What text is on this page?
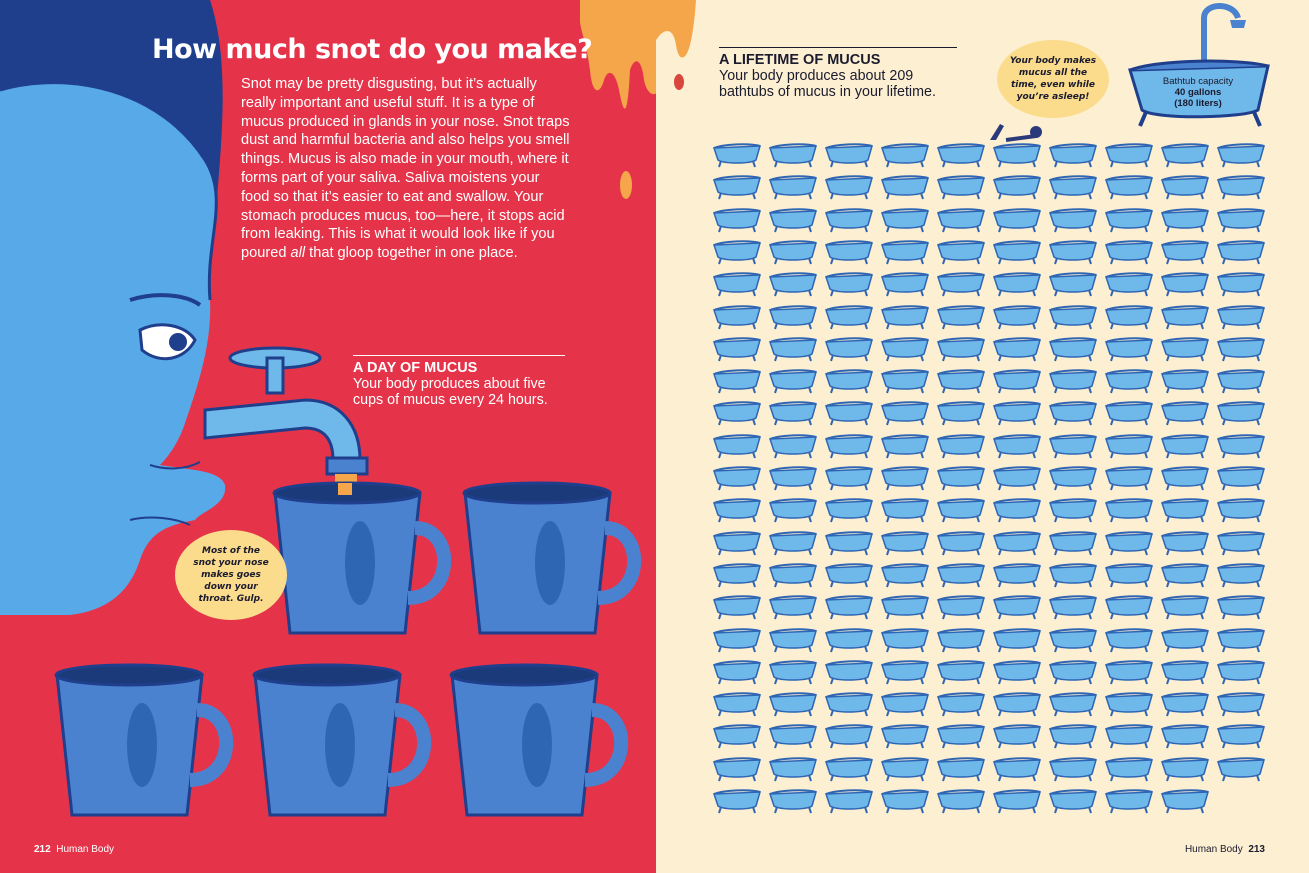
How much snot do you make?
Snot may be pretty disgusting, but it’s actually really important and useful stuff. It is a type of mucus produced in glands in your nose. Snot traps dust and harmful bacteria and also helps you smell things. Mucus is also made in your mouth, where it forms part of your saliva. Saliva moistens your food so that it’s easier to eat and swallow. Your stomach produces mucus, too—here, it stops acid from leaking. This is what it would look like if you poured all that gloop together in one place.
A DAY OF MUCUS
Your body produces about five cups of mucus every 24 hours.
Most of the snot your nose makes goes down your throat. Gulp.
212 Human Body
A LIFETIME OF MUCUS
Your body produces about 209 bathtubs of mucus in your lifetime.
Your body makes mucus all the time, even while you’re asleep!
Bathtub capacity
40 gallons
(180 liters)
Human Body 213
